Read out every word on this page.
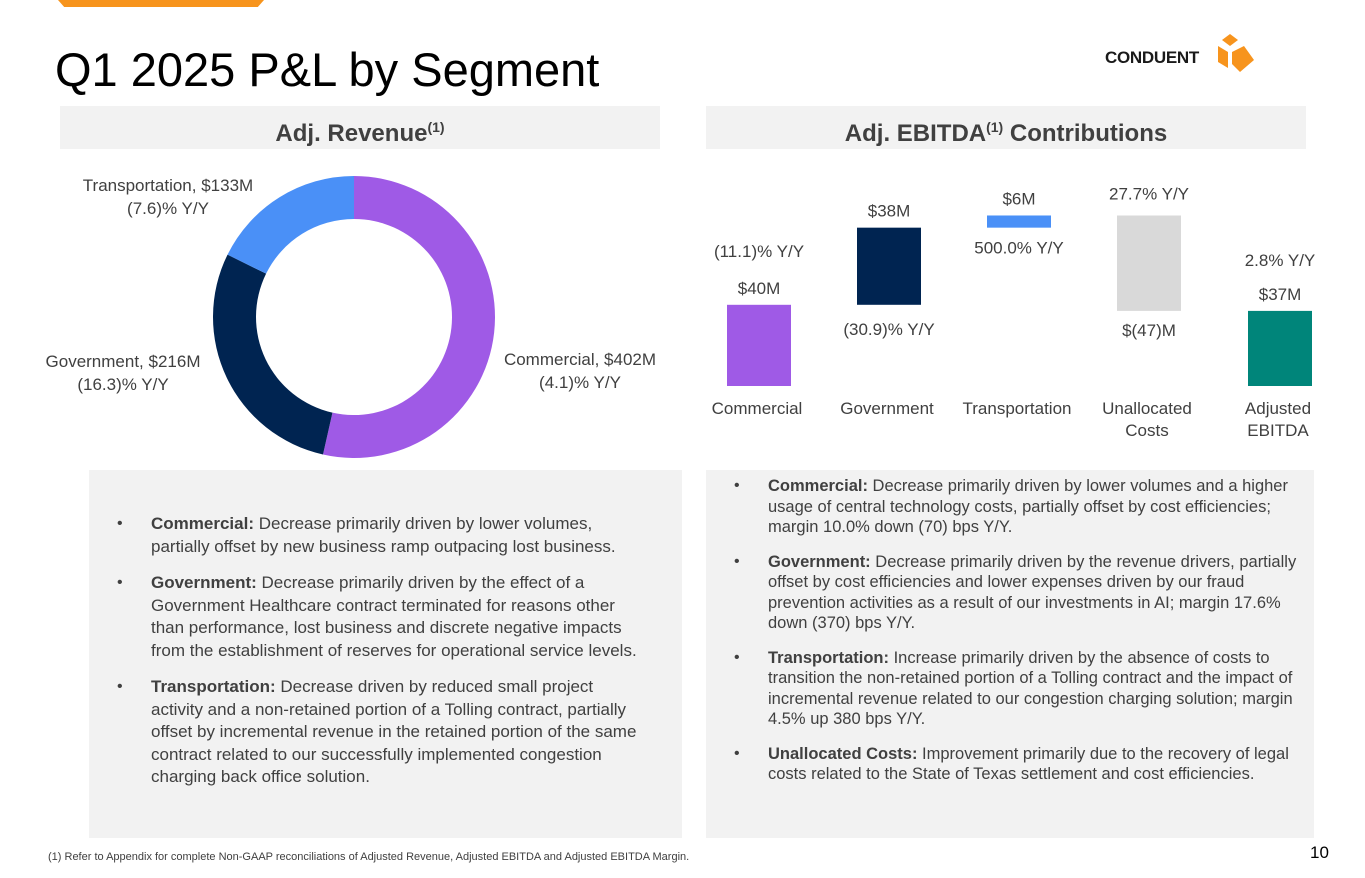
Q1 2025 P&L by Segment	CONDUENT
Adj. Revenue$^{(1)}$	Adj. EBITDA$^{(1)}$ Contributions
Commercial, $402M
(4.1)% Y/Y
Government, $216M
(16.3)% Y/Y
Transportation, $133M
(7.6)% Y/Y
$40M
(11.1)% Y/Y
Commercial
$38M
(30.9)% Y/Y
Government
$6M
500.0% Y/Y
Transportation
27.7% Y/Y
$(47)M
Unallocated
Costs
$37M
2.8% Y/Y
Adjusted
EBITDA
• Commercial: Decrease primarily driven by lower volumes, partially offset by new business ramp outpacing lost business.
• Government: Decrease primarily driven by the effect of a Government Healthcare contract terminated for reasons other than performance, lost business and discrete negative impacts from the establishment of reserves for operational service levels.
• Transportation: Decrease driven by reduced small project activity and a non-retained portion of a Tolling contract, partially offset by incremental revenue in the retained portion of the same contract related to our successfully implemented congestion charging back office solution.
• Commercial: Decrease primarily driven by lower volumes and a higher usage of central technology costs, partially offset by cost efficiencies; margin 10.0% down (70) bps Y/Y.
• Government: Decrease primarily driven by the revenue drivers, partially offset by cost efficiencies and lower expenses driven by our fraud prevention activities as a result of our investments in AI; margin 17.6% down (370) bps Y/Y.
• Transportation: Increase primarily driven by the absence of costs to transition the non-retained portion of a Tolling contract and the impact of incremental revenue related to our congestion charging solution; margin 4.5% up 380 bps Y/Y.
• Unallocated Costs: Improvement primarily due to the recovery of legal costs related to the State of Texas settlement and cost efficiencies.
(1) Refer to Appendix for complete Non-GAAP reconciliations of Adjusted Revenue, Adjusted EBITDA and Adjusted EBITDA Margin.	10
